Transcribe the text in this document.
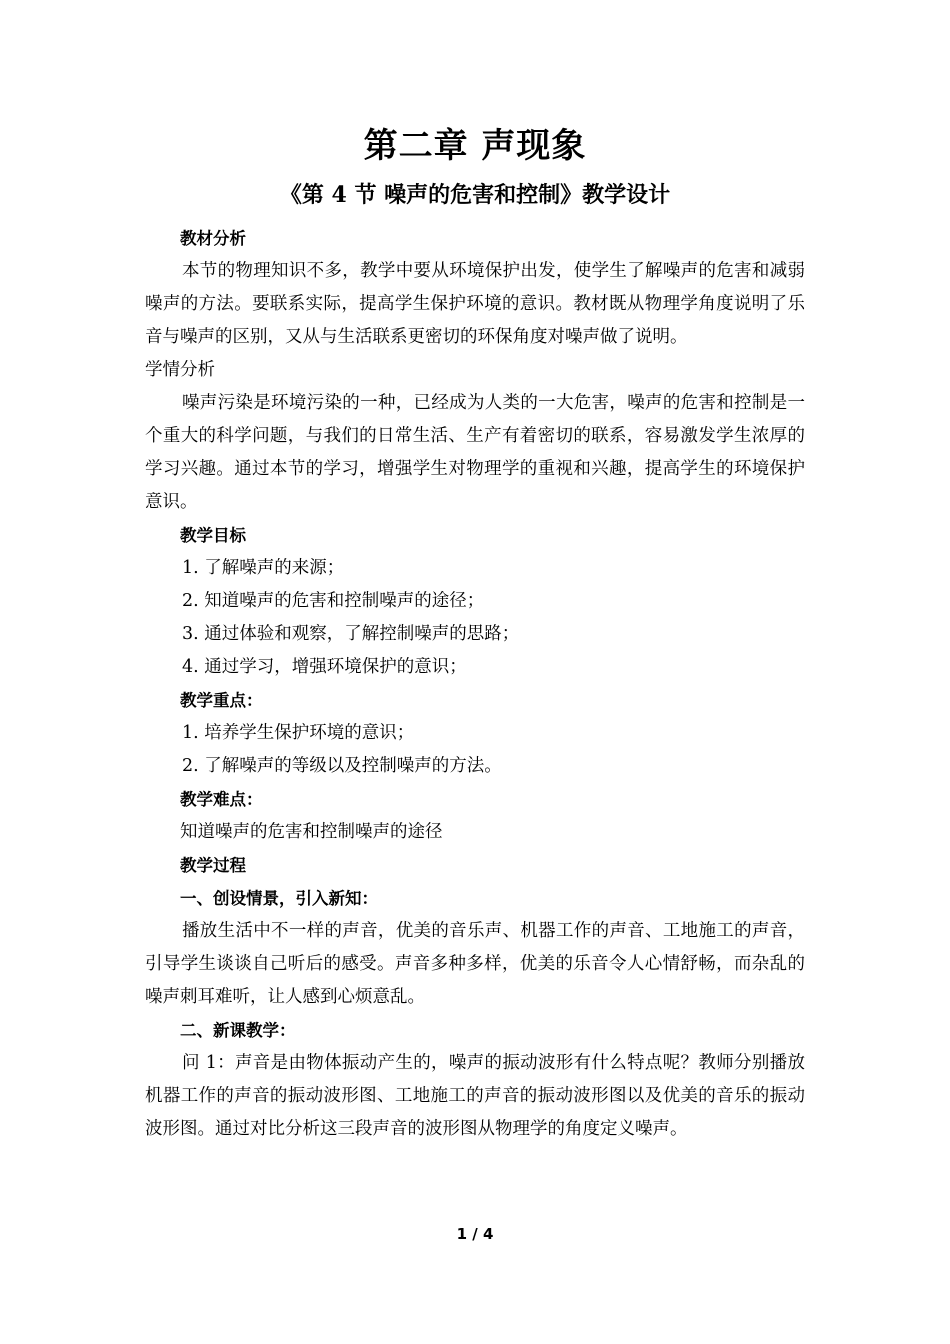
第二章 声现象
《第 4 节 噪声的危害和控制》教学设计
教材分析

本节的物理知识不多，教学中要从环境保护出发，使学生了解噪声的危害和减弱噪声的方法。要联系实际，提高学生保护环境的意识。教材既从物理学角度说明了乐音与噪声的区别，又从与生活联系更密切的环保角度对噪声做了说明。

学情分析

噪声污染是环境污染的一种，已经成为人类的一大危害，噪声的危害和控制是一个重大的科学问题，与我们的日常生活、生产有着密切的联系，容易激发学生浓厚的学习兴趣。通过本节的学习，增强学生对物理学的重视和兴趣，提高学生的环境保护意识。

教学目标
1. 了解噪声的来源；
2. 知道噪声的危害和控制噪声的途径；
3. 通过体验和观察，了解控制噪声的思路；
4. 通过学习，增强环境保护的意识；
教学重点：
1. 培养学生保护环境的意识；
2. 了解噪声的等级以及控制噪声的方法。
教学难点：
知道噪声的危害和控制噪声的途径
教学过程
一、创设情景，引入新知：

播放生活中不一样的声音，优美的音乐声、机器工作的声音、工地施工的声音，引导学生谈谈自己听后的感受。声音多种多样，优美的乐音令人心情舒畅，而杂乱的噪声刺耳难听，让人感到心烦意乱。

二、新课教学：

问 1：声音是由物体振动产生的，噪声的振动波形有什么特点呢？教师分别播放机器工作的声音的振动波形图、工地施工的声音的振动波形图以及优美的音乐的振动波形图。通过对比分析这三段声音的波形图从物理学的角度定义噪声。

1 / 4
